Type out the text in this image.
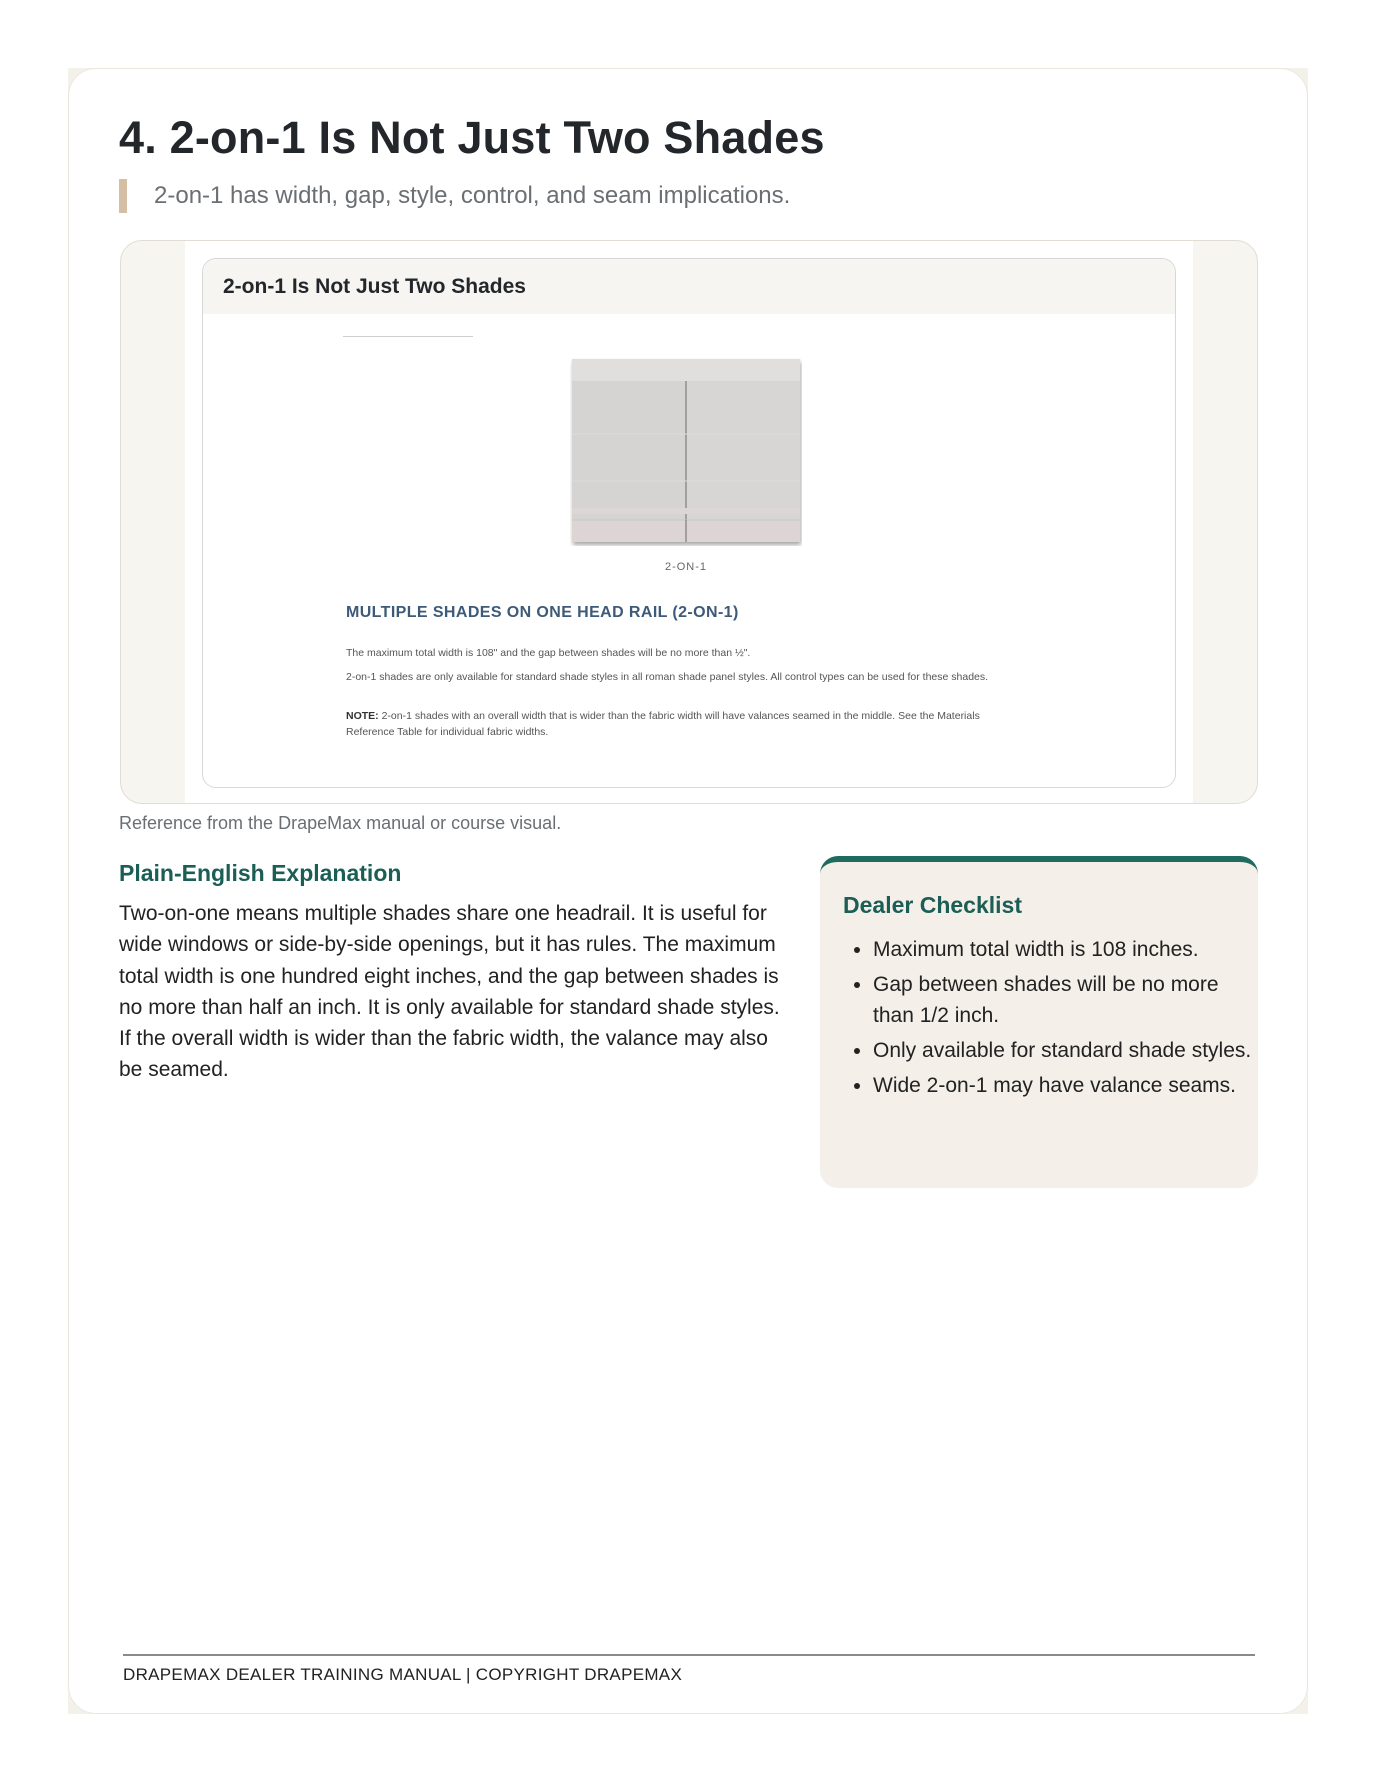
4. 2-on-1 Is Not Just Two Shades
2-on-1 has width, gap, style, control, and seam implications.
2-on-1 Is Not Just Two Shades
2-ON-1
MULTIPLE SHADES ON ONE HEAD RAIL (2-ON-1)
The maximum total width is 108" and the gap between shades will be no more than ½".
2-on-1 shades are only available for standard shade styles in all roman shade panel styles. All control types can be used for these shades.
NOTE: 2-on-1 shades with an overall width that is wider than the fabric width will have valances seamed in the middle. See the Materials Reference Table for individual fabric widths.
Reference from the DrapeMax manual or course visual.
Plain-English Explanation

Two-on-one means multiple shades share one headrail. It is useful for wide windows or side-by-side openings, but it has rules. The maximum total width is one hundred eight inches, and the gap between shades is no more than half an inch. It is only available for standard shade styles. If the overall width is wider than the fabric width, the valance may also be seamed.

Dealer Checklist
• Maximum total width is 108 inches.
• Gap between shades will be no more than 1/2 inch.
• Only available for standard shade styles.
• Wide 2-on-1 may have valance seams.
DRAPEMAX DEALER TRAINING MANUAL | COPYRIGHT DRAPEMAX
